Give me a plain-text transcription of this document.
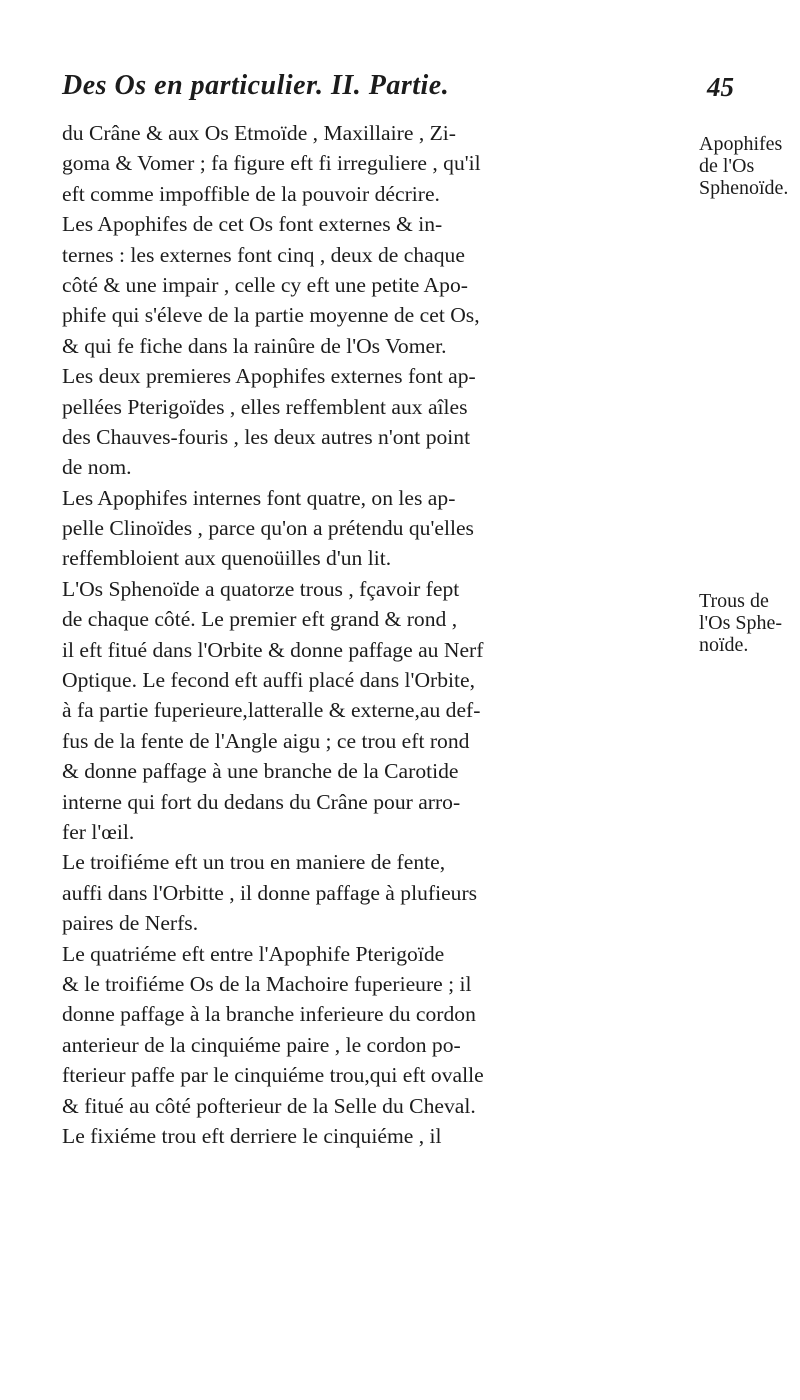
Des Os en particulier. II. Partie.	45
du Crâne & aux Os Etmoïde , Maxillaire , Zi-
goma & Vomer ; fa figure eft fi irreguliere , qu'il
eft comme impoffible de la pouvoir décrire.
Les Apophifes de cet Os font externes & in-
ternes : les externes font cinq , deux de chaque
côté & une impair , celle cy eft une petite Apo-
phife qui s'éleve de la partie moyenne de cet Os,
& qui fe fiche dans la rainûre de l'Os Vomer.
Les deux premieres Apophifes externes font ap-
pellées Pterigoïdes , elles reffemblent aux aîles
des Chauves-fouris , les deux autres n'ont point
de nom.
Les Apophifes internes font quatre, on les ap-
pelle Clinoïdes , parce qu'on a prétendu qu'elles
reffembloient aux quenoüilles d'un lit.
L'Os Sphenoïde a quatorze trous , fçavoir fept
de chaque côté. Le premier eft grand & rond ,
il eft fitué dans l'Orbite & donne paffage au Nerf
Optique. Le fecond eft auffi placé dans l'Orbite,
à fa partie fuperieure,latteralle & externe,au def-
fus de la fente de l'Angle aigu ; ce trou eft rond
& donne paffage à une branche de la Carotide
interne qui fort du dedans du Crâne pour arro-
fer l'œil.
Le troifiéme eft un trou en maniere de fente,
auffi dans l'Orbitte , il donne paffage à plufieurs
paires de Nerfs.
Le quatriéme eft entre l'Apophife Pterigoïde
& le troifiéme Os de la Machoire fuperieure ; il
donne paffage à la branche inferieure du cordon
anterieur de la cinquiéme paire , le cordon po-
fterieur paffe par le cinquiéme trou,qui eft ovalle
& fitué au côté pofterieur de la Selle du Cheval.
Le fixiéme trou eft derriere le cinquiéme , il
Apophifes
de l'Os
Sphenoïde.
Trous de
l'Os Sphe-
noïde.
